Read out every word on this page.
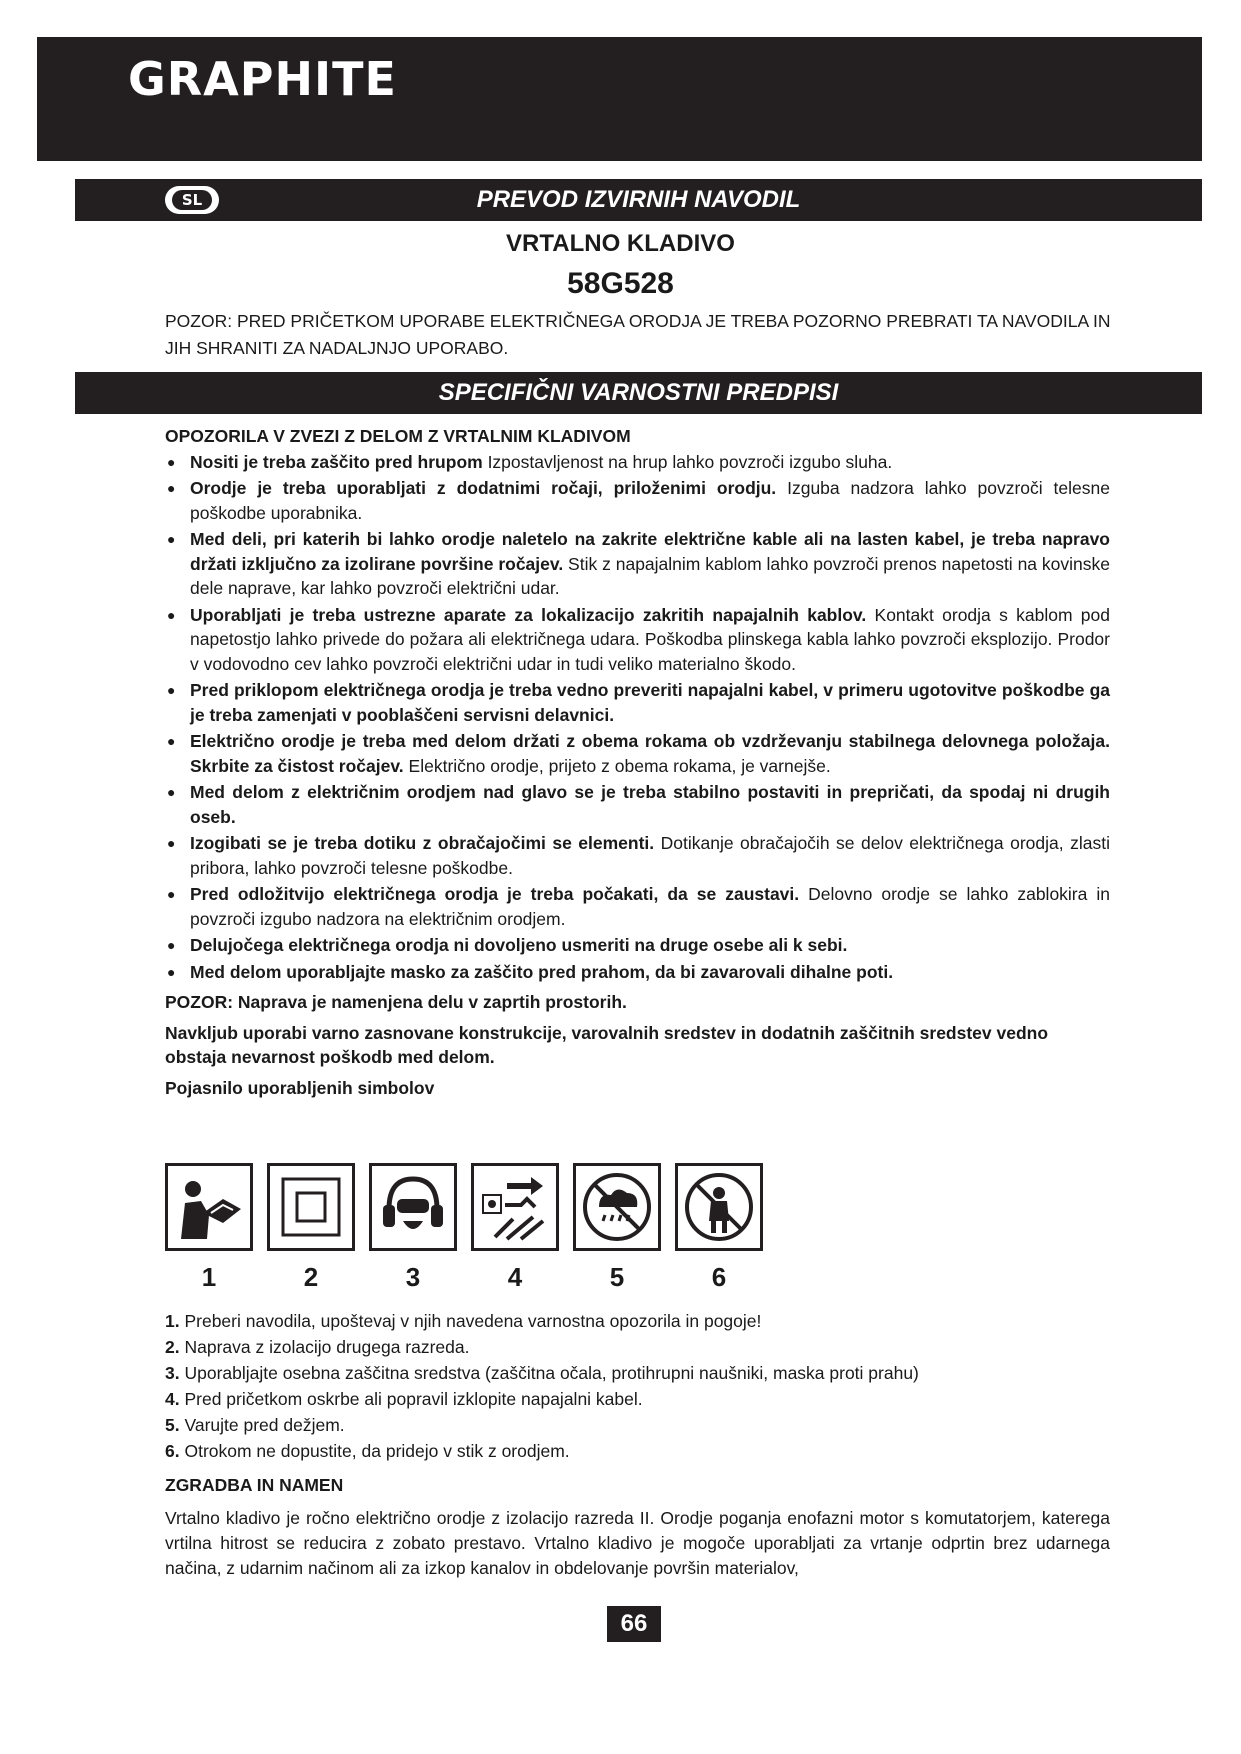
GRAPHITE
SL	PREVOD IZVIRNIH NAVODIL
VRTALNO KLADIVO
58G528
POZOR: PRED PRIČETKOM UPORABE ELEKTRIČNEGA ORODJA JE TREBA POZORNO PREBRATI TA NAVODILA IN JIH SHRANITI ZA NADALJNJO UPORABO.
SPECIFIČNI VARNOSTNI PREDPISI

OPOZORILA V ZVEZI Z DELOM Z VRTALNIM KLADIVOM

● Nositi je treba zaščito pred hrupom Izpostavljenost na hrup lahko povzroči izgubo sluha.
● Orodje je treba uporabljati z dodatnimi ročaji, priloženimi orodju. Izguba nadzora lahko povzroči telesne poškodbe uporabnika.
● Med deli, pri katerih bi lahko orodje naletelo na zakrite električne kable ali na lasten kabel, je treba napravo držati izključno za izolirane površine ročajev. Stik z napajalnim kablom lahko povzroči prenos napetosti na kovinske dele naprave, kar lahko povzroči električni udar.
● Uporabljati je treba ustrezne aparate za lokalizacijo zakritih napajalnih kablov. Kontakt orodja s kablom pod napetostjo lahko privede do požara ali električnega udara. Poškodba plinskega kabla lahko povzroči eksplozijo. Prodor v vodovodno cev lahko povzroči električni udar in tudi veliko materialno škodo.
● Pred priklopom električnega orodja je treba vedno preveriti napajalni kabel, v primeru ugotovitve poškodbe ga je treba zamenjati v pooblaščeni servisni delavnici.
● Električno orodje je treba med delom držati z obema rokama ob vzdrževanju stabilnega delovnega položaja. Skrbite za čistost ročajev. Električno orodje, prijeto z obema rokama, je varnejše.
● Med delom z električnim orodjem nad glavo se je treba stabilno postaviti in prepričati, da spodaj ni drugih oseb.
● Izogibati se je treba dotiku z obračajočimi se elementi. Dotikanje obračajočih se delov električnega orodja, zlasti pribora, lahko povzroči telesne poškodbe.
● Pred odložitvijo električnega orodja je treba počakati, da se zaustavi. Delovno orodje se lahko zablokira in povzroči izgubo nadzora na električnim orodjem.
● Delujočega električnega orodja ni dovoljeno usmeriti na druge osebe ali k sebi.
● Med delom uporabljajte masko za zaščito pred prahom, da bi zavarovali dihalne poti.

POZOR: Naprava je namenjena delu v zaprtih prostorih.

Navkljub uporabi varno zasnovane konstrukcije, varovalnih sredstev in dodatnih zaščitnih sredstev vedno obstaja nevarnost poškodb med delom.

Pojasnilo uporabljenih simbolov

1	2	3	4	5	6

1. Preberi navodila, upoštevaj v njih navedena varnostna opozorila in pogoje!

2. Naprava z izolacijo drugega razreda.

3. Uporabljajte osebna zaščitna sredstva (zaščitna očala, protihrupni naušniki, maska proti prahu)

4. Pred pričetkom oskrbe ali popravil izklopite napajalni kabel.

5. Varujte pred dežjem.

6. Otrokom ne dopustite, da pridejo v stik z orodjem.

ZGRADBA IN NAMEN

Vrtalno kladivo je ročno električno orodje z izolacijo razreda II. Orodje poganja enofazni motor s komutatorjem, katerega vrtilna hitrost se reducira z zobato prestavo. Vrtalno kladivo je mogoče uporabljati za vrtanje odprtin brez udarnega načina, z udarnim načinom ali za izkop kanalov in obdelovanje površin materialov,

66
